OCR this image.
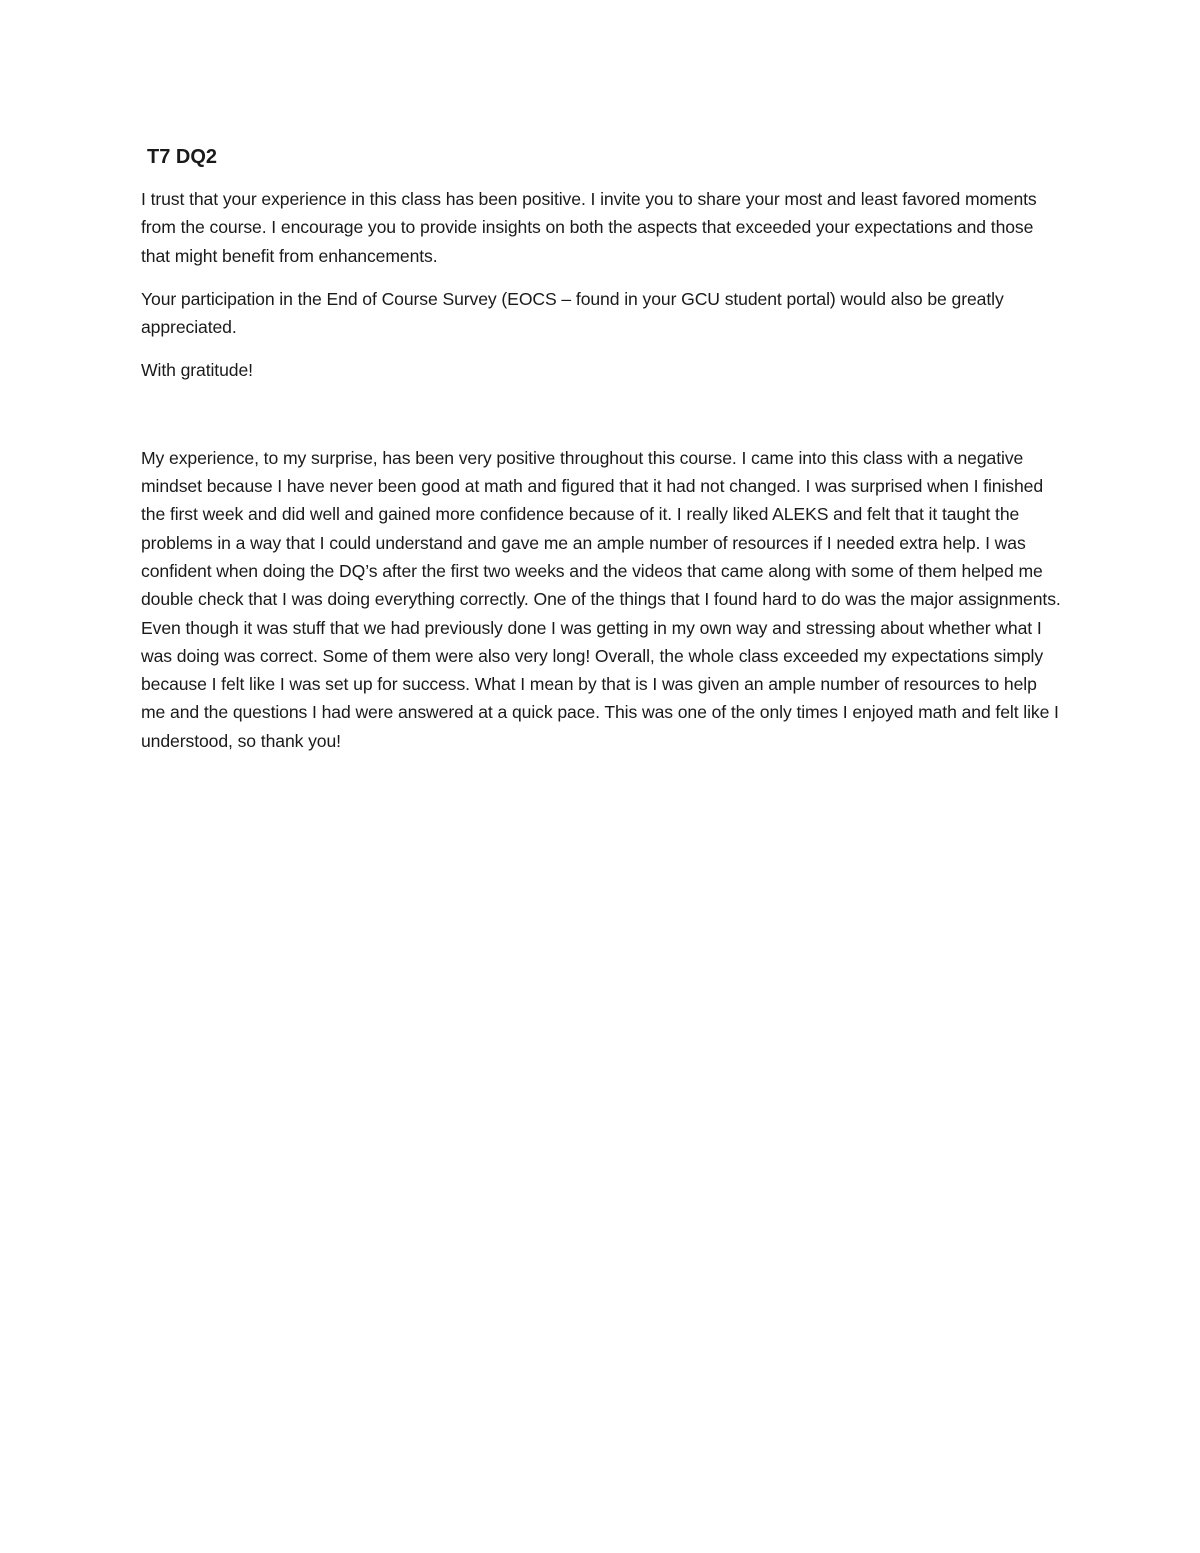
T7 DQ2

I trust that your experience in this class has been positive. I invite you to share your most and least favored moments from the course. I encourage you to provide insights on both the aspects that exceeded your expectations and those that might benefit from enhancements.

Your participation in the End of Course Survey (EOCS – found in your GCU student portal) would also be greatly appreciated.

With gratitude!

My experience, to my surprise, has been very positive throughout this course. I came into this class with a negative mindset because I have never been good at math and figured that it had not changed. I was surprised when I finished the first week and did well and gained more confidence because of it. I really liked ALEKS and felt that it taught the problems in a way that I could understand and gave me an ample number of resources if I needed extra help. I was confident when doing the DQ’s after the first two weeks and the videos that came along with some of them helped me double check that I was doing everything correctly. One of the things that I found hard to do was the major assignments. Even though it was stuff that we had previously done I was getting in my own way and stressing about whether what I was doing was correct. Some of them were also very long! Overall, the whole class exceeded my expectations simply because I felt like I was set up for success. What I mean by that is I was given an ample number of resources to help me and the questions I had were answered at a quick pace. This was one of the only times I enjoyed math and felt like I understood, so thank you!
